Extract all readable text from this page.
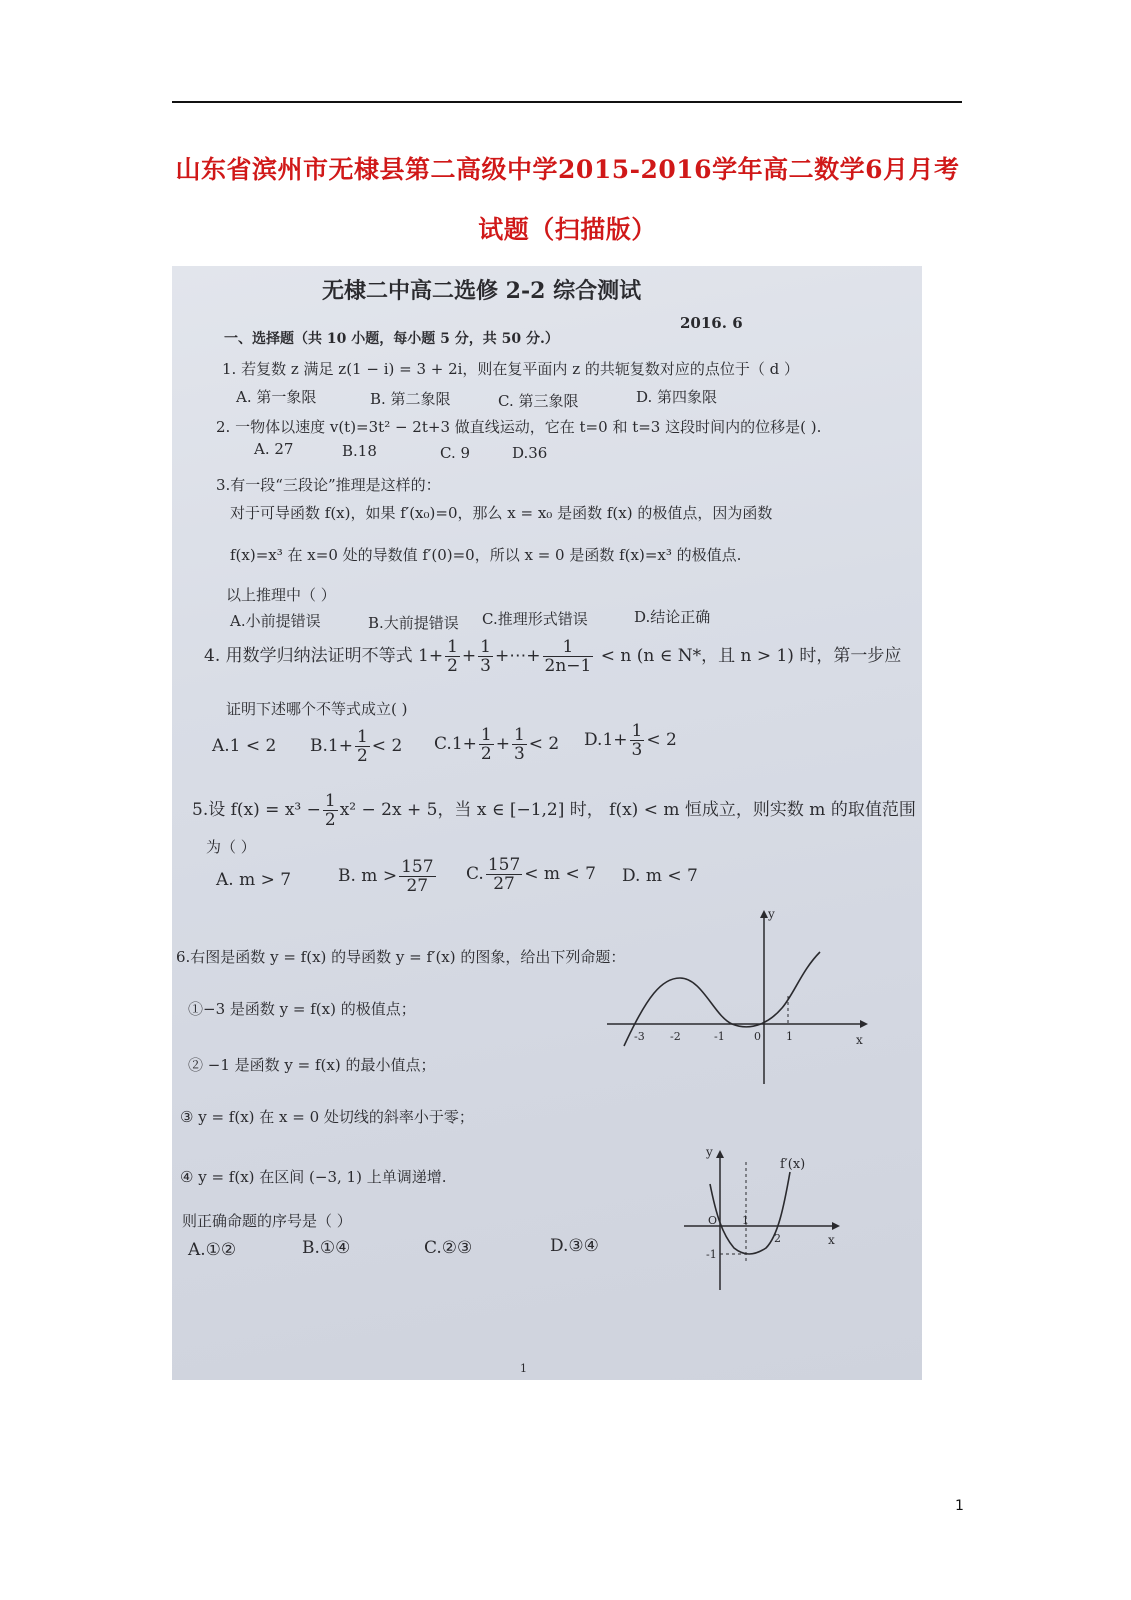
山东省滨州市无棣县第二高级中学2015-2016学年高二数学6月月考
试题（扫描版）
无棣二中高二选修 2-2 综合测试
2016. 6
一、选择题（共 10 小题，每小题 5 分，共 50 分.）
1. 若复数 z 满足 z(1 − i) = 3 + 2i，则在复平面内 z 的共轭复数对应的点位于（ d ）
A. 第一象限	B. 第二象限	C. 第三象限	D. 第四象限
2. 一物体以速度 v(t)=3t² − 2t+3 做直线运动，它在 t=0 和 t=3 这段时间内的位移是( ).
A. 27	B.18	C. 9	D.36
3.有一段“三段论”推理是这样的：
对于可导函数 f(x)，如果 f′(x₀)=0，那么 x = x₀ 是函数 f(x) 的极值点，因为函数
f(x)=x³ 在 x=0 处的导数值 f′(0)=0，所以 x = 0 是函数 f(x)=x³ 的极值点.
以上推理中（ ）
A.小前提错误	B.大前提错误 C.推理形式错误	D.结论正确
4. 用数学归纳法证明不等式 $1+ \frac{1}{2} + \frac{1}{3}$ +⋯+ $\frac{1}{2n-1} < n$ (n ∈ N*，且 n > 1) 时，第一步应
证明下述哪个不等式成立( )
A.1 < 2 $B.1+ \frac{1}{2} < 2$ $C.1+ \frac{1}{2} + \frac{1}{3} < 2$ $D.1+ \frac{1}{3} < 2$
5.设 $f(x) = x^3 - \frac{1}{2} x^2 - 2x + 5$，当 x ∈ [−1,2] 时， f(x) < m 恒成立，则实数 m 的取值范围
为（ ）
A. m > 7	B. $m > \frac{157}{27} C$. $\frac{157}{27} < m < 7$ D. m < 7
6.右图是函数 y = f(x) 的导函数 y = f′(x) 的图象，给出下列命题：
①−3 是函数 y = f(x) 的极值点；
② −1 是函数 y = f(x) 的最小值点；
③ y = f(x) 在 x = 0 处切线的斜率小于零；
④ y = f(x) 在区间 (−3, 1) 上单调递增.
则正确命题的序号是（ ）
A.①②	B.①④	C.②③	D.③④
y
x
-3 -2	-1	0 1
y
x
f′(x)
O 1
2
-1
1
1
